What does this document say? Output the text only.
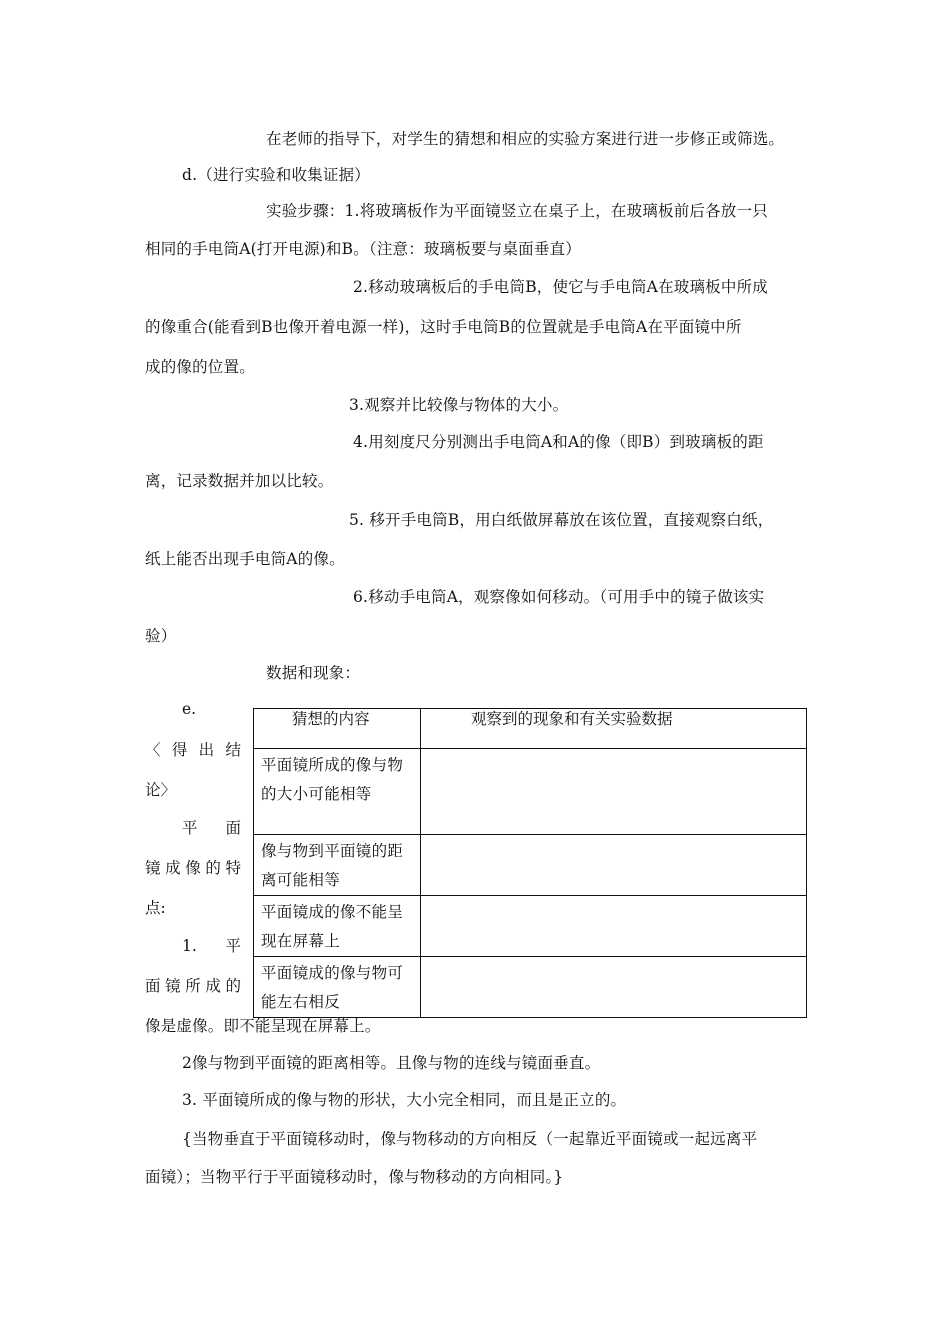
在老师的指导下，对学生的猜想和相应的实验方案进行进一步修正或筛选。
d.（进行实验和收集证据）
实验步骤：1.将玻璃板作为平面镜竖立在桌子上，在玻璃板前后各放一只
相同的手电筒A(打开电源)和B。（注意：玻璃板要与桌面垂直）
2.移动玻璃板后的手电筒B，使它与手电筒A在玻璃板中所成
的像重合(能看到B也像开着电源一样)，这时手电筒B的位置就是手电筒A在平面镜中所
成的像的位置。
3.观察并比较像与物体的大小。
4.用刻度尺分别测出手电筒A和A的像（即B）到玻璃板的距
离，记录数据并加以比较。
5. 移开手电筒B，用白纸做屏幕放在该位置，直接观察白纸，
纸上能否出现手电筒A的像。
6.移动手电筒A，观察像如何移动。（可用手中的镜子做该实
验）
数据和现象：
e.
〈 得 出 结
论〉
平 面
镜 成 像 的 特
点:
1. 平
面 镜 所 成 的
猜想的内容	观察到的现象和有关实验数据

平面镜所成的像与物的大小可能相等	

像与物到平面镜的距离可能相等	

平面镜成的像不能呈现在屏幕上	

平面镜成的像与物可能左右相反	

像是虚像。即不能呈现在屏幕上。
2像与物到平面镜的距离相等。且像与物的连线与镜面垂直。
3. 平面镜所成的像与物的形状，大小完全相同，而且是正立的。
{当物垂直于平面镜移动时，像与物移动的方向相反（一起靠近平面镜或一起远离平
面镜）；当物平行于平面镜移动时，像与物移动的方向相同。}
